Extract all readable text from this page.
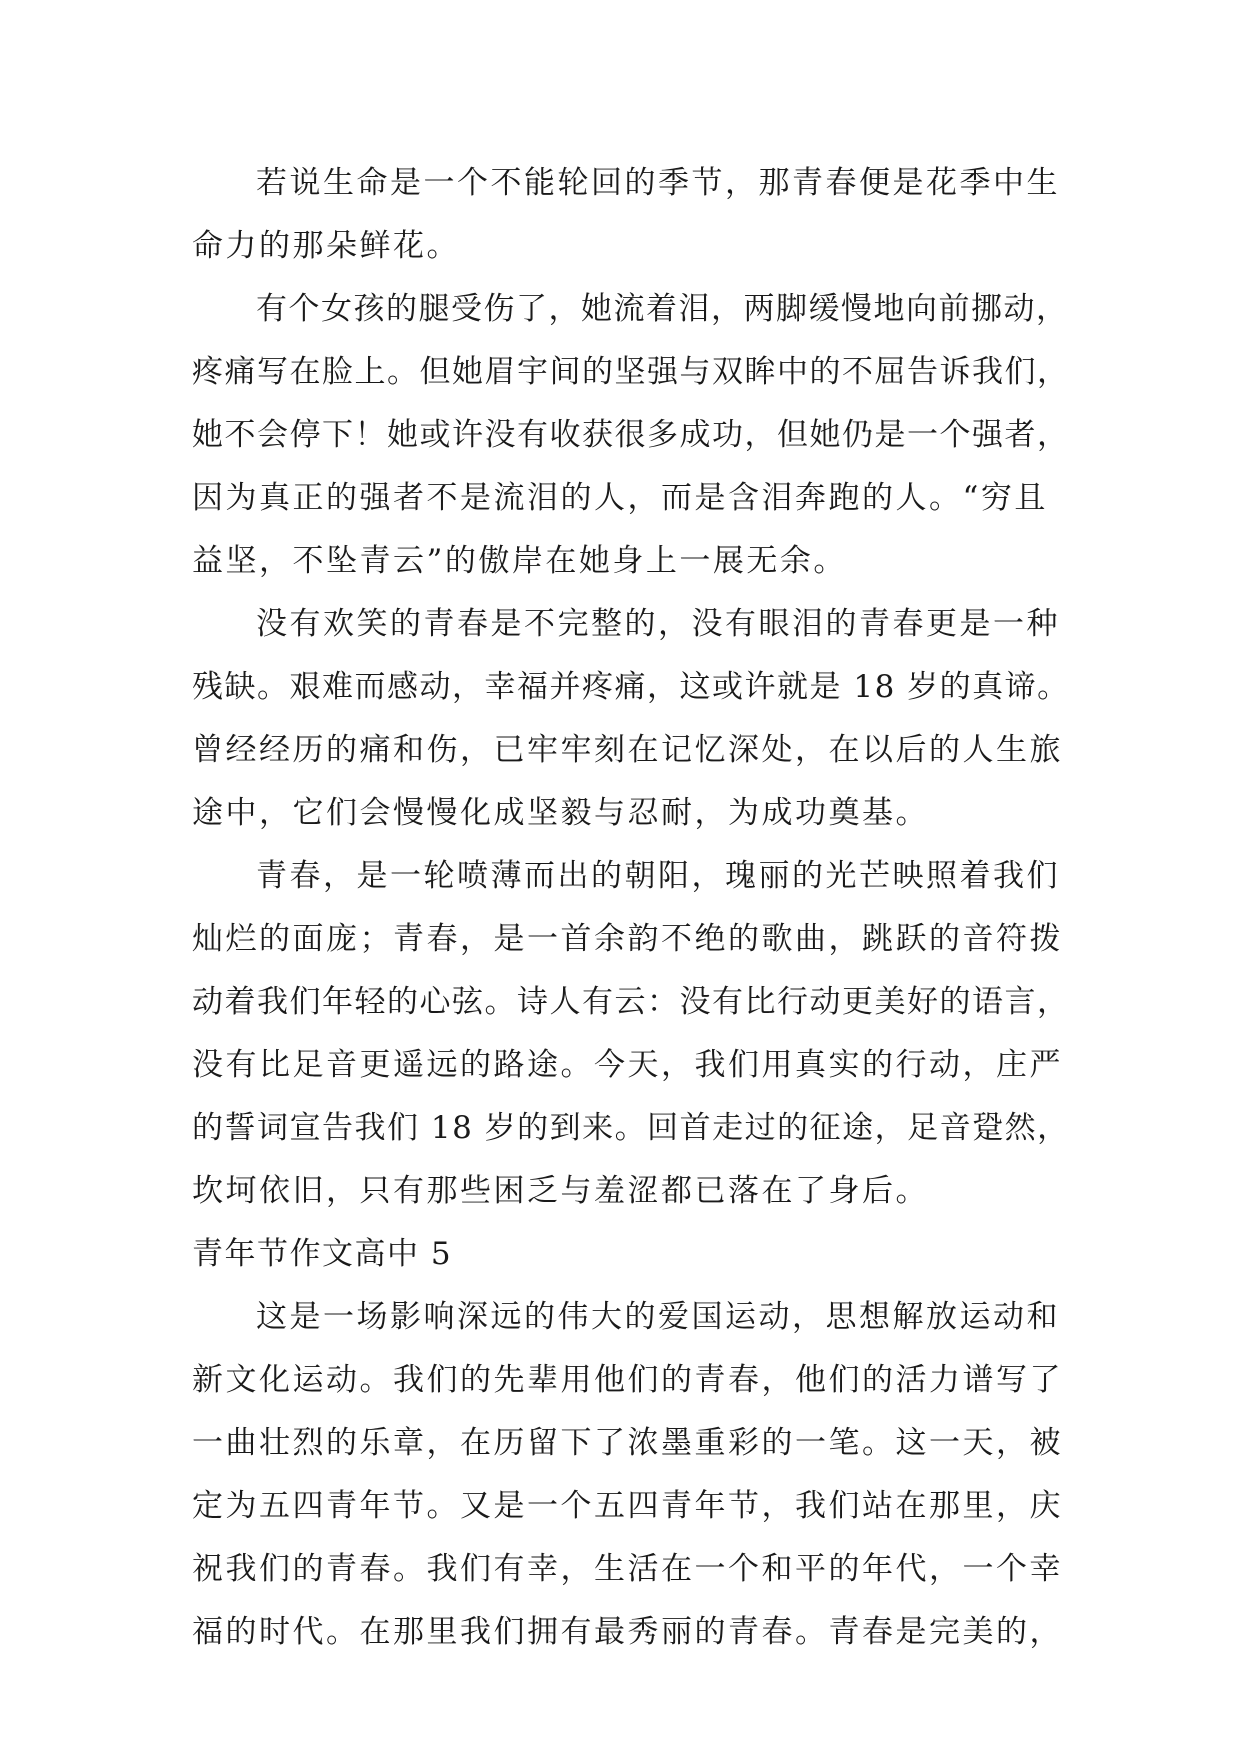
若说生命是一个不能轮回的季节，那青春便是花季中生
命力的那朵鲜花。
有个女孩的腿受伤了，她流着泪，两脚缓慢地向前挪动，
疼痛写在脸上。但她眉宇间的坚强与双眸中的不屈告诉我们，
她不会停下！她或许没有收获很多成功，但她仍是一个强者，
因为真正的强者不是流泪的人，而是含泪奔跑的人。“穷且
益坚，不坠青云”的傲岸在她身上一展无余。
没有欢笑的青春是不完整的，没有眼泪的青春更是一种
残缺。艰难而感动，幸福并疼痛，这或许就是 18 岁的真谛。
曾经经历的痛和伤，已牢牢刻在记忆深处，在以后的人生旅
途中，它们会慢慢化成坚毅与忍耐，为成功奠基。
青春，是一轮喷薄而出的朝阳，瑰丽的光芒映照着我们
灿烂的面庞；青春，是一首余韵不绝的歌曲，跳跃的音符拨
动着我们年轻的心弦。诗人有云：没有比行动更美好的语言，
没有比足音更遥远的路途。今天，我们用真实的行动，庄严
的誓词宣告我们 18 岁的到来。回首走过的征途，足音跫然，
坎坷依旧，只有那些困乏与羞涩都已落在了身后。
青年节作文高中 5
这是一场影响深远的伟大的爱国运动，思想解放运动和
新文化运动。我们的先辈用他们的青春，他们的活力谱写了
一曲壮烈的乐章，在历留下了浓墨重彩的一笔。这一天，被
定为五四青年节。又是一个五四青年节，我们站在那里，庆
祝我们的青春。我们有幸，生活在一个和平的年代，一个幸
福的时代。在那里我们拥有最秀丽的青春。青春是完美的，
